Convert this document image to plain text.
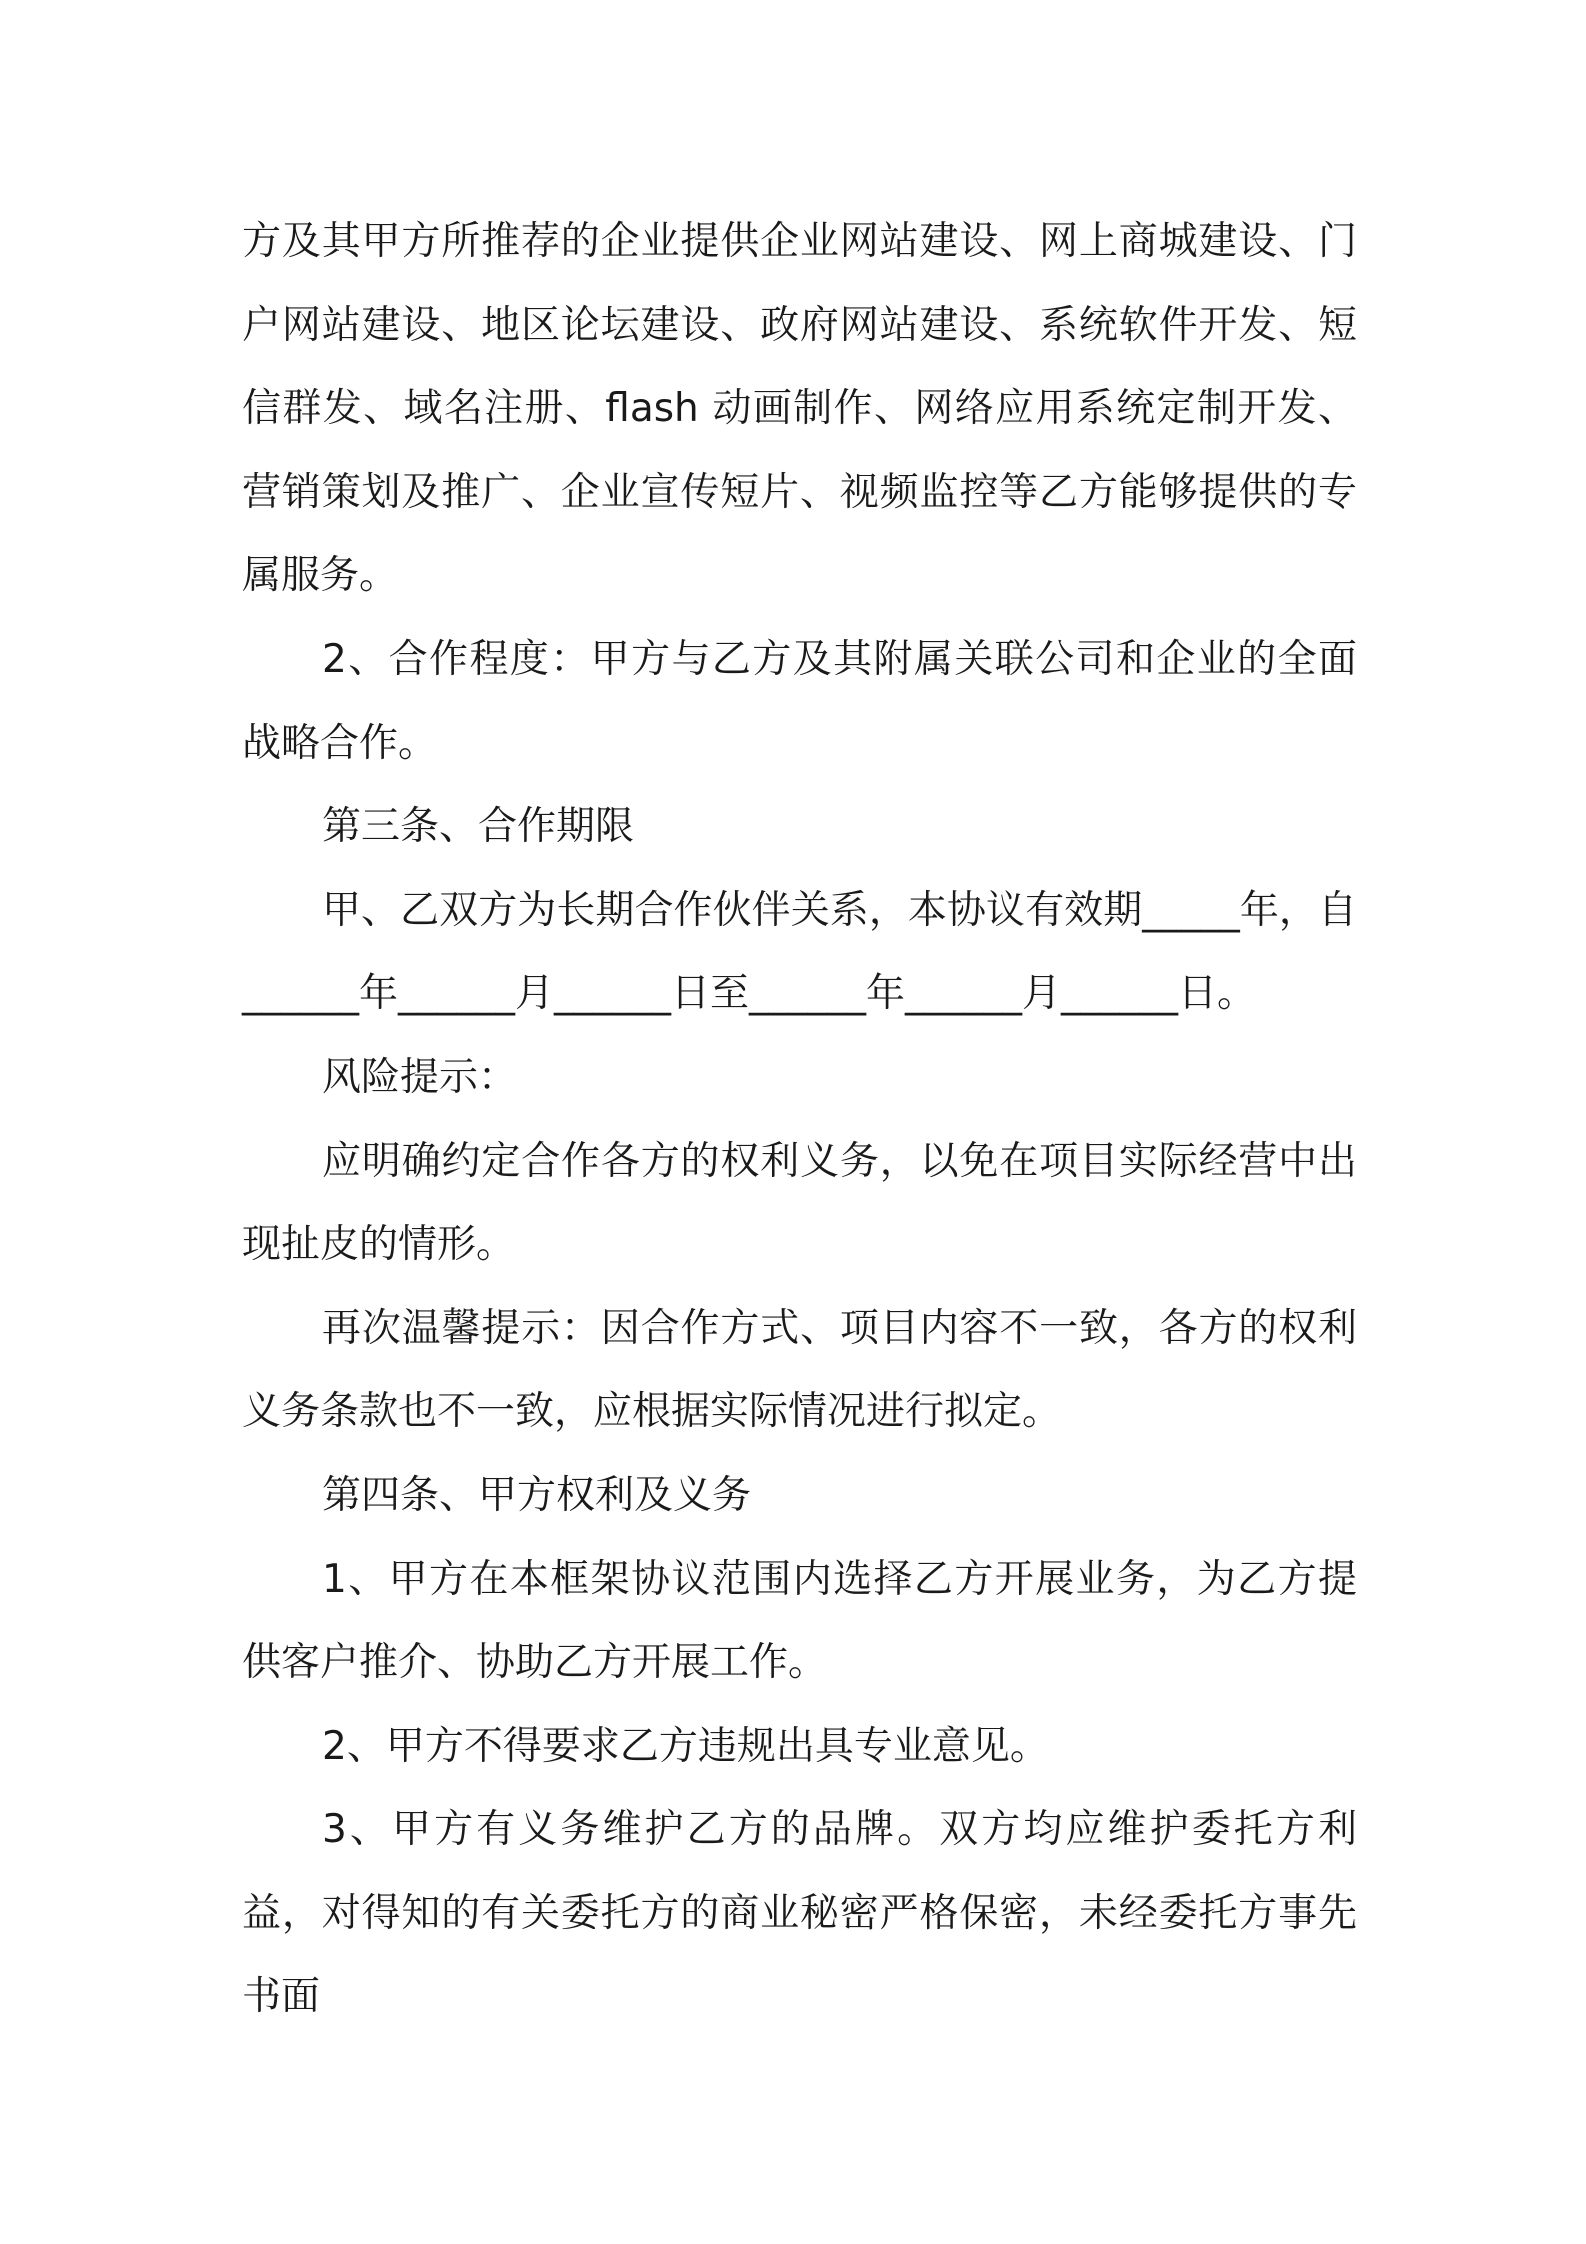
方及其甲方所推荐的企业提供企业网站建设、网上商城建设、门户网站建设、地区论坛建设、政府网站建设、系统软件开发、短信群发、域名注册、flash 动画制作、网络应用系统定制开发、营销策划及推广、企业宣传短片、视频监控等乙方能够提供的专属服务。

2、合作程度：甲方与乙方及其附属关联公司和企业的全面战略合作。

第三条、合作期限

甲、乙双方为长期合作伙伴关系，本协议有效期_____年，自______年______月______日至______年______月______日。

风险提示：

应明确约定合作各方的权利义务，以免在项目实际经营中出现扯皮的情形。

再次温馨提示：因合作方式、项目内容不一致，各方的权利义务条款也不一致，应根据实际情况进行拟定。

第四条、甲方权利及义务

1、甲方在本框架协议范围内选择乙方开展业务，为乙方提供客户推介、协助乙方开展工作。

2、甲方不得要求乙方违规出具专业意见。

3、甲方有义务维护乙方的品牌。双方均应维护委托方利益，对得知的有关委托方的商业秘密严格保密，未经委托方事先书面
